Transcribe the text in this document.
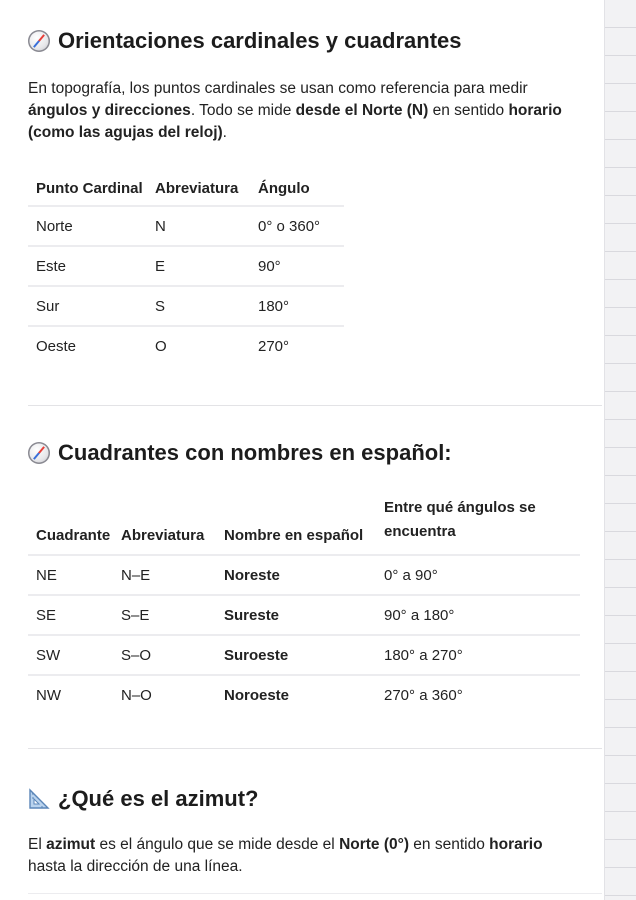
Orientaciones cardinales y cuadrantes

En topografía, los puntos cardinales se usan como referencia para medir ángulos y direcciones. Todo se mide desde el Norte (N) en sentido horario
(como las agujas del reloj).

Punto Cardinal	Abreviatura	Ángulo
Norte	N	0° o 360°
Este	E	90°
Sur	S	180°
Oeste	O	270°
Cuadrantes con nombres en español:
Cuadrante	Abreviatura	Nombre en español	Entre qué ángulos se encuentra
NE	N–E	Noreste	0° a 90°
SE	S–E	Sureste	90° a 180°
SW	S–O	Suroeste	180° a 270°
NW	N–O	Noroeste	270° a 360°
¿Qué es el azimut?

El azimut es el ángulo que se mide desde el Norte (0°) en sentido horario
hasta la dirección de una línea.
